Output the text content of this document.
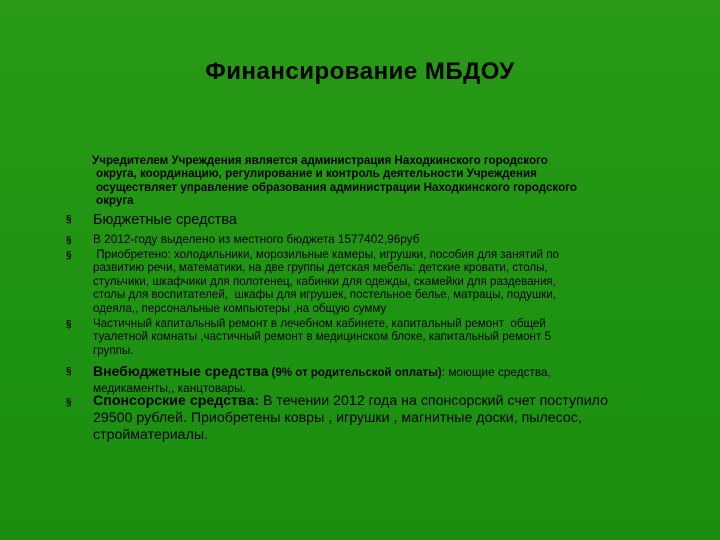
Финансирование МБДОУ
Учредителем Учреждения является администрация Находкинского городского
округа, координацию, регулирование и контроль деятельности Учреждения
осуществляет управление образования администрации Находкинского городского
округа
§ Бюджетные средства
§ В 2012-году выделено из местного бюджета 1577402,96руб
§ Приобретено: холодильники, морозильные камеры, игрушки, пособия для занятий по
развитию речи, математики, на две группы детская мебель: детские кровати, столы,
стульчики, шкафчики для полотенец, кабинки для одежды, скамейки для раздевания,
столы для воспитателей,  шкафы для игрушек, постельное белье, матрацы, подушки,
одеяла,, персональные компьютеры ,на общую сумму
§ Частичный капитальный ремонт в лечебном кабинете, капитальный ремонт  общей
туалетной комнаты ,частичный ремонт в медицинском блоке, капитальный ремонт 5
группы.
§ Внебюджетные средства (9% от родительской оплаты): моющие средства,
медикаменты,, канцтовары.
§ Спонсорские средства: В течении 2012 года на спонсорский счет поступило
29500 рублей. Приобретены ковры , игрушки , магнитные доски, пылесос,
стройматериалы.
